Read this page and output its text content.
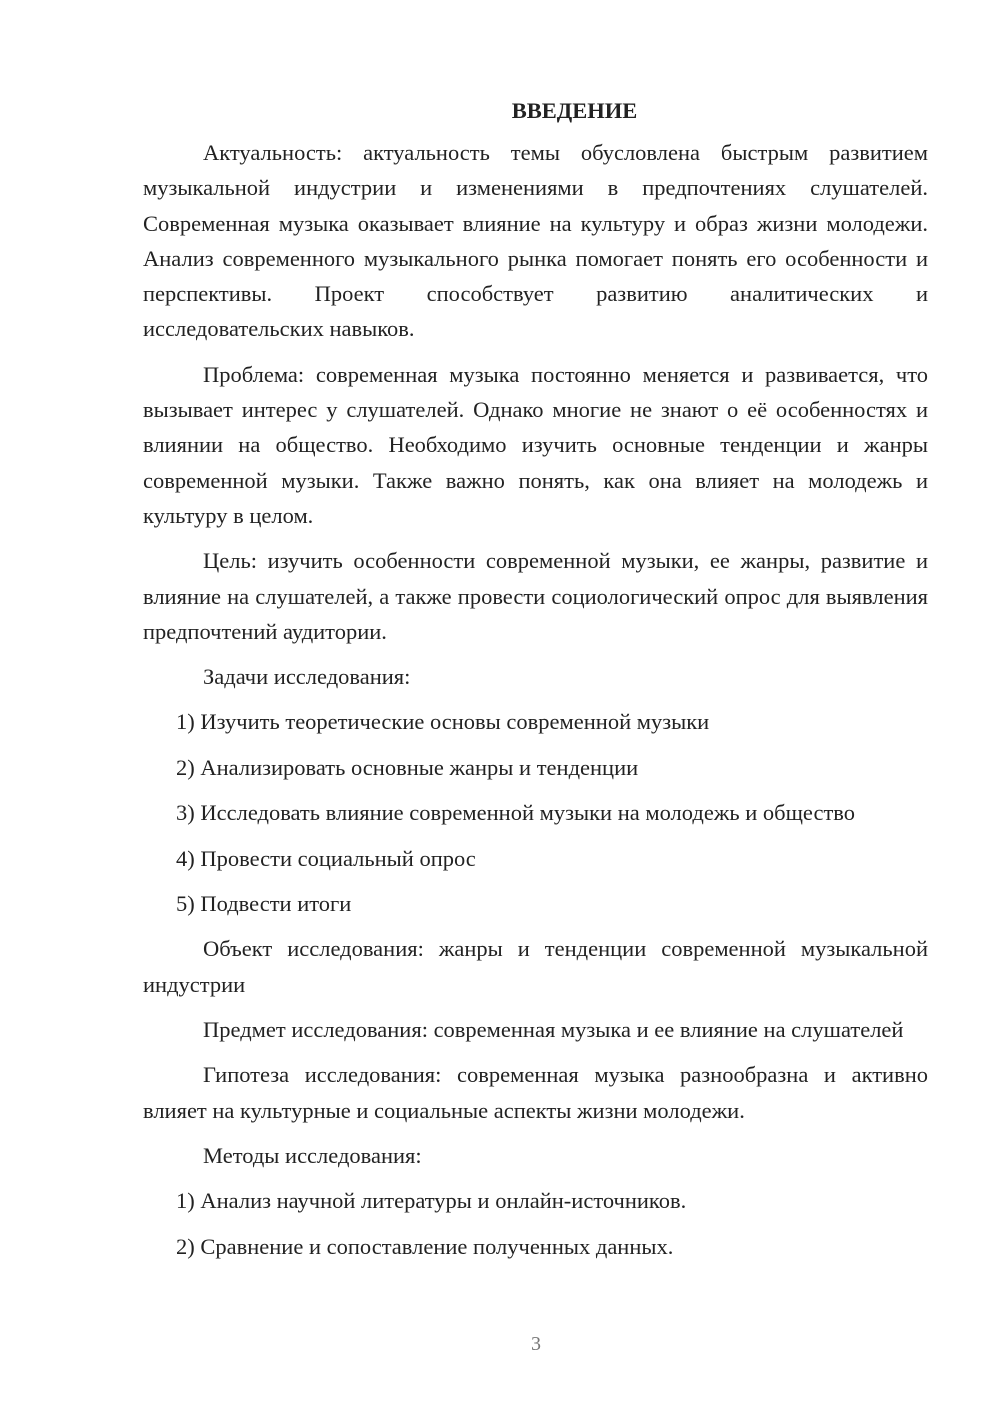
ВВЕДЕНИЕ

Актуальность: актуальность темы обусловлена быстрым развитием музыкальной индустрии и изменениями в предпочтениях слушателей. Современная музыка оказывает влияние на культуру и образ жизни молодежи. Анализ современного музыкального рынка помогает понять его особенности и перспективы. Проект способствует развитию аналитических и исследовательских навыков.

Проблема: современная музыка постоянно меняется и развивается, что вызывает интерес у слушателей. Однако многие не знают о её особенностях и влиянии на общество. Необходимо изучить основные тенденции и жанры современной музыки. Также важно понять, как она влияет на молодежь и культуру в целом.

Цель: изучить особенности современной музыки, ее жанры, развитие и влияние на слушателей, а также провести социологический опрос для выявления предпочтений аудитории.

Задачи исследования:

1) Изучить теоретические основы современной музыки
2) Анализировать основные жанры и тенденции
3) Исследовать влияние современной музыки на молодежь и общество
4) Провести социальный опрос
5) Подвести итоги

Объект исследования: жанры и тенденции современной музыкальной индустрии

Предмет исследования: современная музыка и ее влияние на слушателей

Гипотеза исследования: современная музыка разнообразна и активно влияет на культурные и социальные аспекты жизни молодежи.

Методы исследования:

1) Анализ научной литературы и онлайн-источников.
2) Сравнение и сопоставление полученных данных.
3
